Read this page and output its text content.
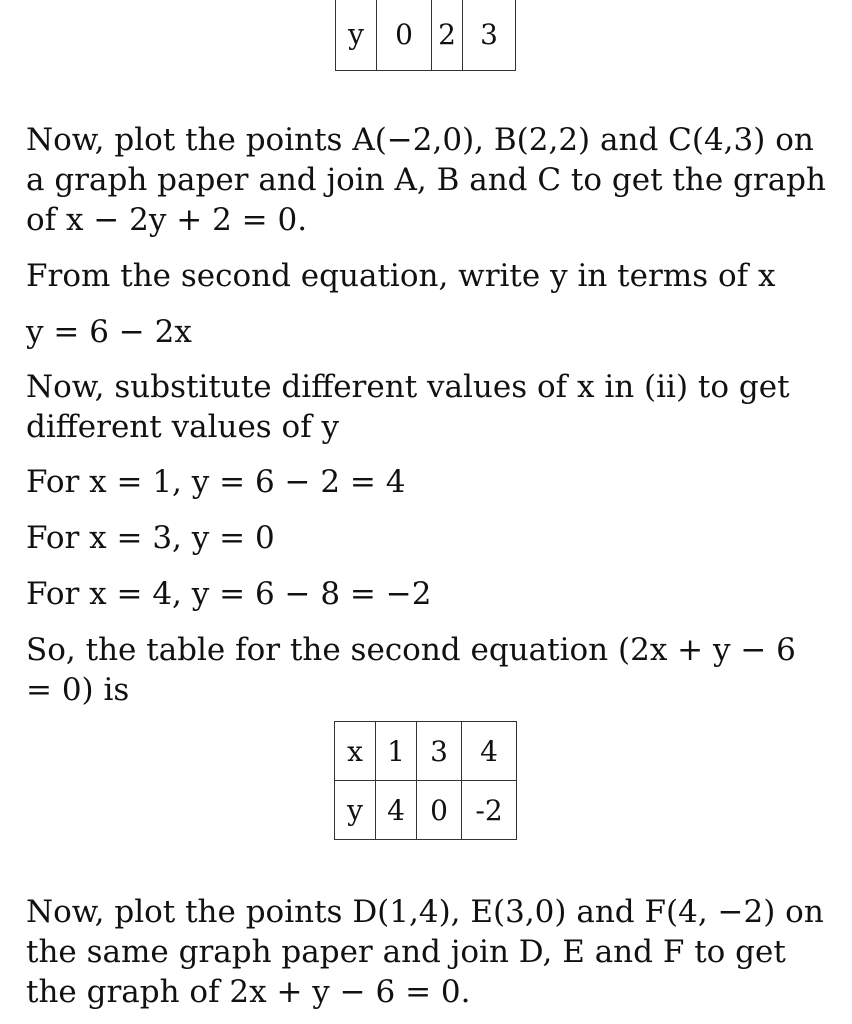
y	0	2	3

Now, plot the points A(−2,0), B(2,2) and C(4,3) on a graph paper and join A, B and C to get the graph of x − 2y + 2 = 0.

From the second equation, write y in terms of x

y = 6 − 2x

Now, substitute different values of x in (ii) to get different values of y

For x = 1, y = 6 − 2 = 4

For x = 3, y = 0

For x = 4, y = 6 − 8 = −2

So, the table for the second equation (2x + y − 6 = 0) is

x	1	3	4
y	4	0	-2

Now, plot the points D(1,4), E(3,0) and F(4, −2) on the same graph paper and join D, E and F to get the graph of 2x + y − 6 = 0.
